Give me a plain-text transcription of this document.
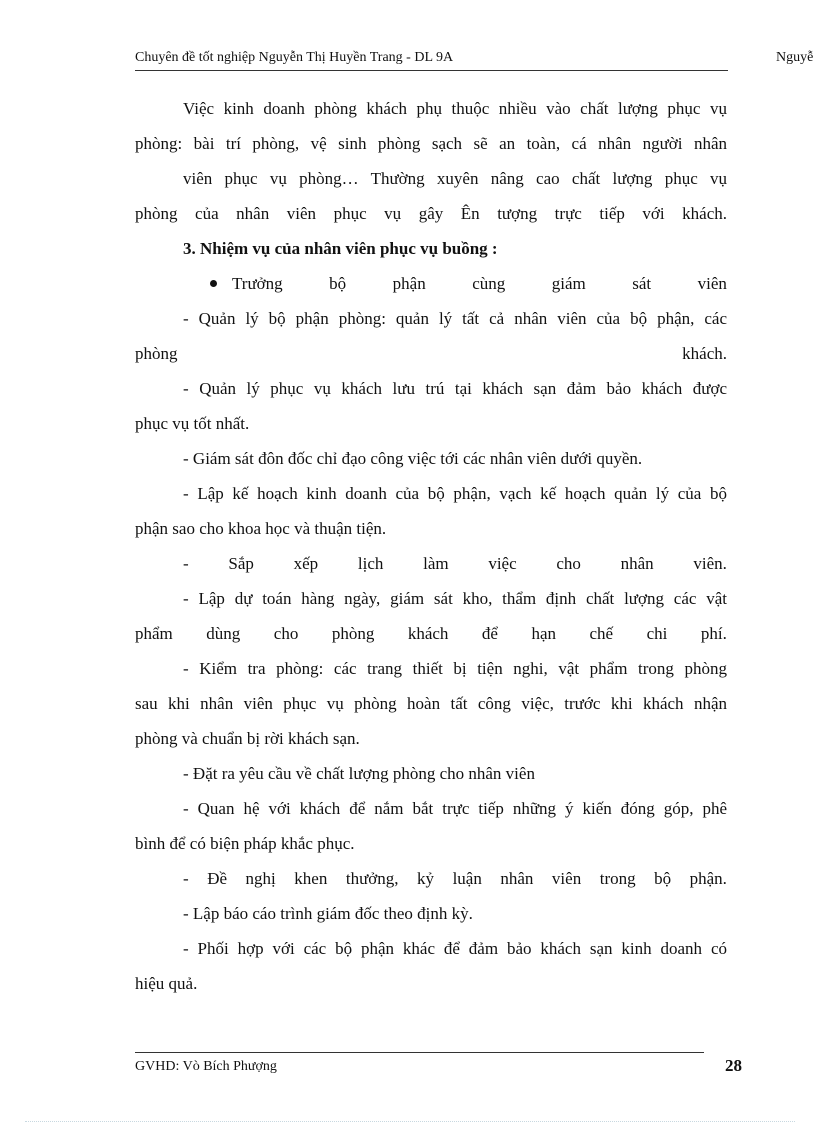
Chuyên đề tốt nghiệp Nguyễn Thị Huyền Trang - DL 9A	Nguyễ
Việc kinh doanh phòng khách phụ thuộc nhiều vào chất lượng phục vụ
phòng: bài trí phòng, vệ sinh phòng sạch sẽ an toàn, cá nhân người nhân
viên phục vụ phòng… Thường xuyên nâng cao chất lượng phục vụ
phòng của nhân viên phục vụ gây Ên tượng trực tiếp với khách.
3. Nhiệm vụ của nhân viên phục vụ buồng :
Trưởng	bộ	phận	cùng	giám	sát	viên
- Quản lý bộ phận phòng: quản lý tất cả nhân viên của bộ phận, các
phòng	khách.
- Quản lý phục vụ khách lưu trú tại khách sạn đảm bảo khách được
phục vụ tốt nhất.
- Giám sát đôn đốc chỉ đạo công việc tới các nhân viên dưới quyền.
- Lập kế hoạch kinh doanh của bộ phận, vạch kế hoạch quản lý của bộ
phận sao cho khoa học và thuận tiện.
- Sắp xếp lịch làm việc cho nhân viên.
- Lập dự toán hàng ngày, giám sát kho, thẩm định chất lượng các vật
phẩm dùng cho phòng khách để hạn chế chi phí.
- Kiểm tra phòng: các trang thiết bị tiện nghi, vật phẩm trong phòng
sau khi nhân viên phục vụ phòng hoàn tất công việc, trước khi khách nhận
phòng và chuẩn bị rời khách sạn.
- Đặt ra yêu cầu về chất lượng phòng cho nhân viên
- Quan hệ với khách để nắm bắt trực tiếp những ý kiến đóng góp, phê
bình để có biện pháp khắc phục.
- Đề nghị khen thưởng, kỷ luận nhân viên trong bộ phận.
- Lập báo cáo trình giám đốc theo định kỳ.
- Phối hợp với các bộ phận khác để đảm bảo khách sạn kinh doanh có
hiệu quả.
GVHD: Vò Bích Phượng	28
